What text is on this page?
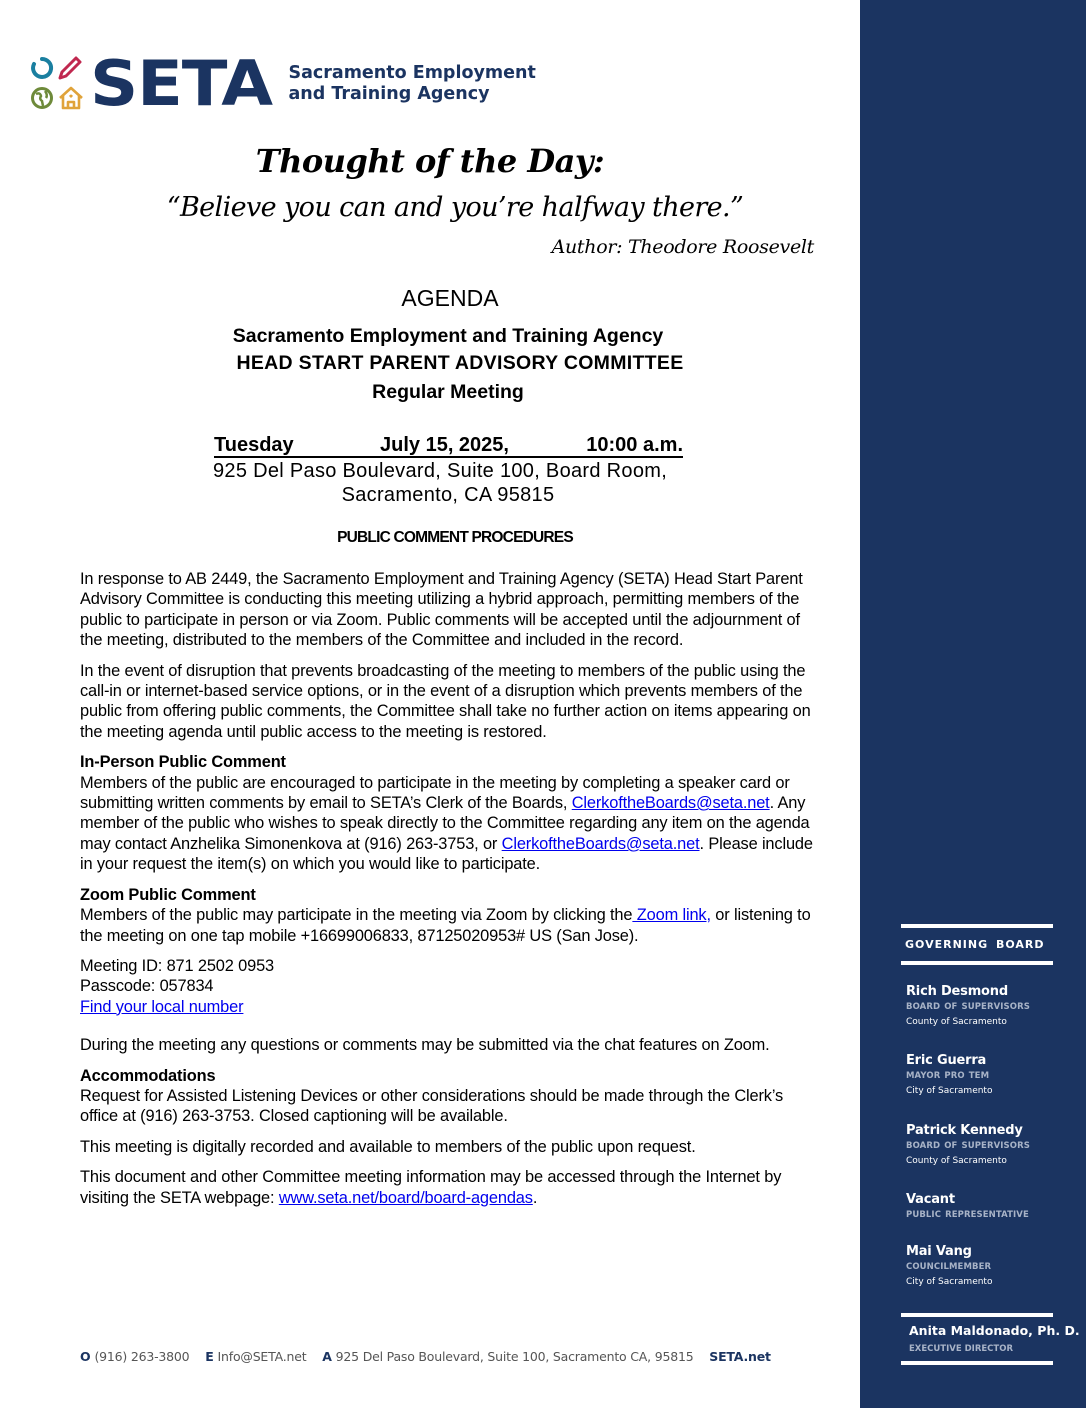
SETA Sacramento Employment
and Training Agency
Thought of the Day:
“Believe you can and you’re halfway there.”
Author: Theodore Roosevelt
AGENDA
Sacramento Employment and Training Agency
HEAD START PARENT ADVISORY COMMITTEE
Regular Meeting
Tuesday	July 15, 2025,	10:00 a.m.
925 Del Paso Boulevard, Suite 100, Board Room,
Sacramento, CA 95815
PUBLIC COMMENT PROCEDURES

In response to AB 2449, the Sacramento Employment and Training Agency (SETA) Head Start Parent Advisory Committee is conducting this meeting utilizing a hybrid approach, permitting members of the public to participate in person or via Zoom. Public comments will be accepted until the adjournment of the meeting, distributed to the members of the Committee and included in the record.

In the event of disruption that prevents broadcasting of the meeting to members of the public using the call-in or internet-based service options, or in the event of a disruption which prevents members of the public from offering public comments, the Committee shall take no further action on items appearing on the meeting agenda until public access to the meeting is restored.

In-Person Public Comment

Members of the public are encouraged to participate in the meeting by completing a speaker card or submitting written comments by email to SETA’s Clerk of the Boards, ClerkoftheBoards@seta.net. Any member of the public who wishes to speak directly to the Committee regarding any item on the agenda may contact Anzhelika Simonenkova at (916) 263-3753, or ClerkoftheBoards@seta.net. Please include in your request the item(s) on which you would like to participate.

Zoom Public Comment

Members of the public may participate in the meeting via Zoom by clicking the Zoom link, or listening to the meeting on one tap mobile +16699006833, 87125020953# US (San Jose).

Meeting ID: 871 2502 0953

Passcode: 057834

Find your local number

During the meeting any questions or comments may be submitted via the chat features on Zoom.

Accommodations

Request for Assisted Listening Devices or other considerations should be made through the Clerk’s office at (916) 263-3753. Closed captioning will be available.

This meeting is digitally recorded and available to members of the public upon request.

This document and other Committee meeting information may be accessed through the Internet by visiting the SETA webpage: www.seta.net/board/board-agendas.

O (916) 263-3800 E Info@SETA.net A 925 Del Paso Boulevard, Suite 100, Sacramento CA, 95815 SETA.net
GOVERNING BOARD
Rich Desmond
BOARD OF SUPERVISORS
County of Sacramento
Eric Guerra
MAYOR PRO TEM
City of Sacramento
Patrick Kennedy
BOARD OF SUPERVISORS
County of Sacramento
Vacant
PUBLIC REPRESENTATIVE
Mai Vang
COUNCILMEMBER
City of Sacramento
Anita Maldonado, Ph. D.
EXECUTIVE DIRECTOR
